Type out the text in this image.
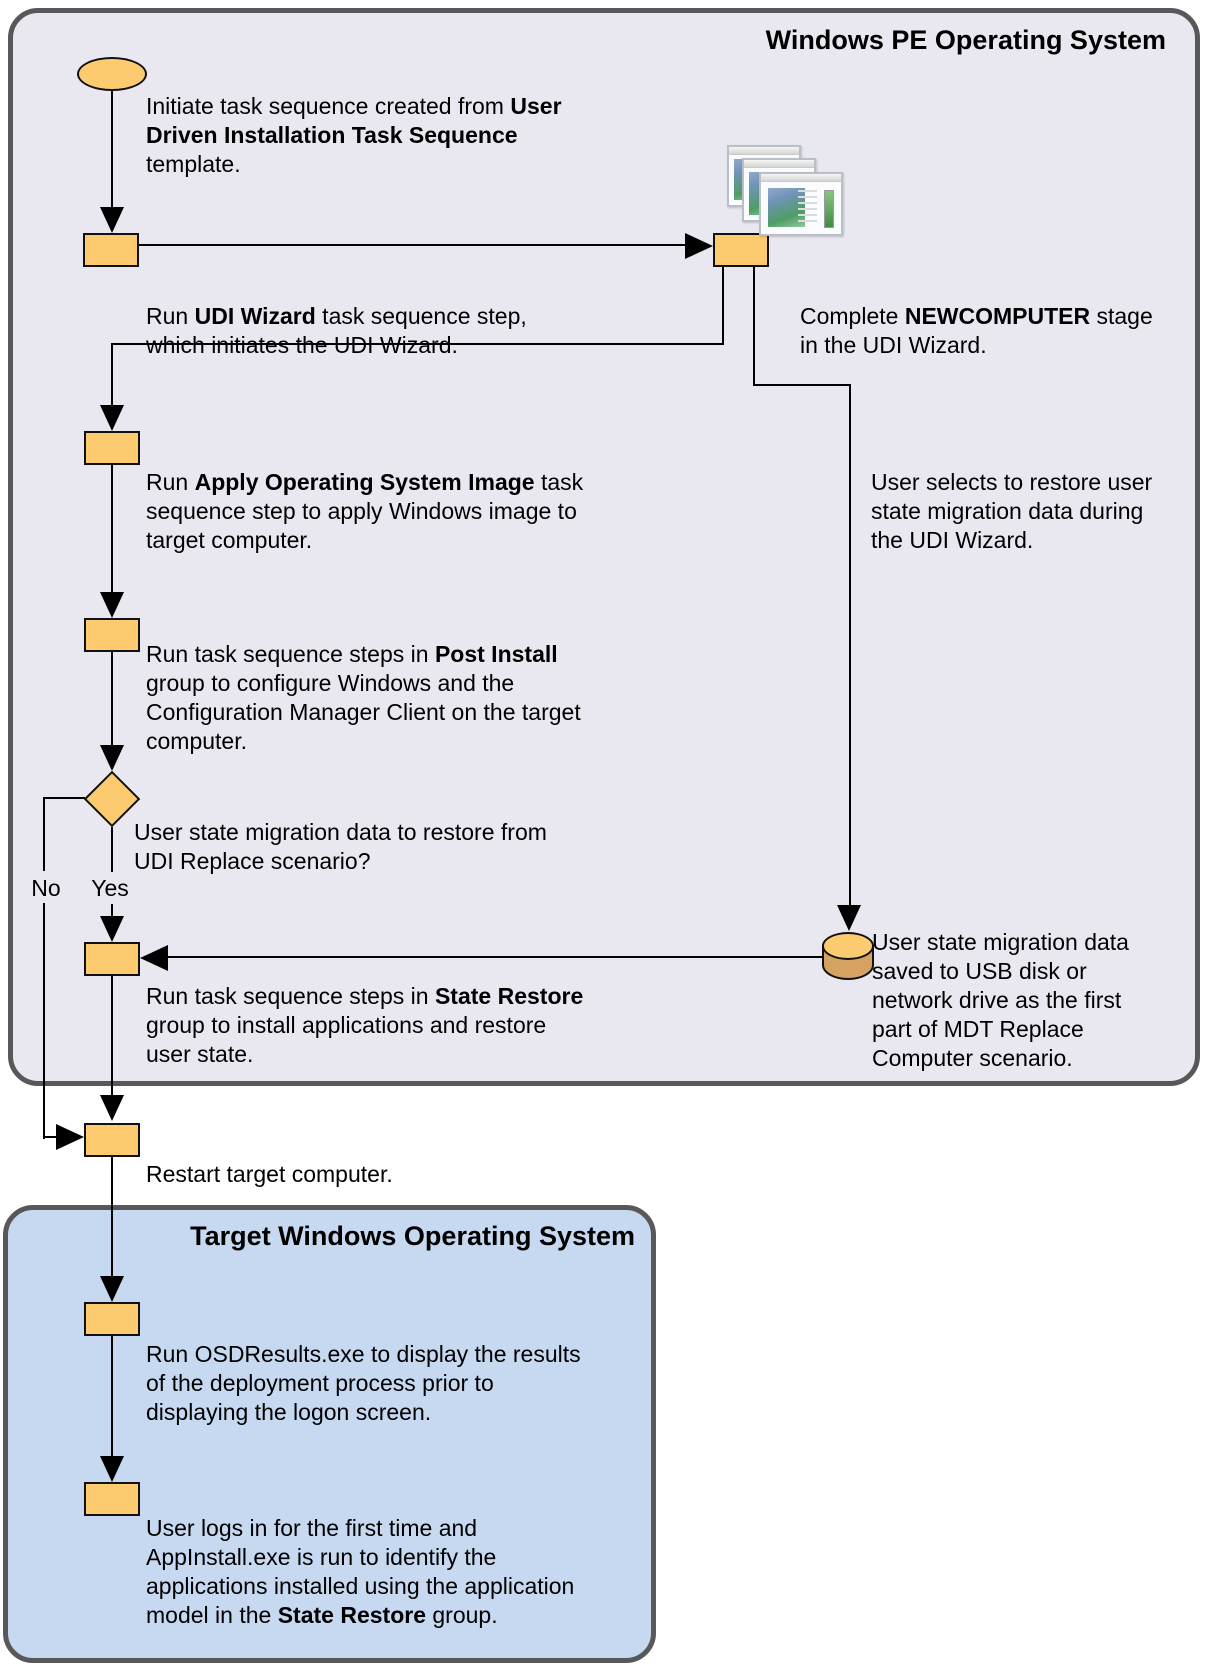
Windows PE Operating System
Target Windows Operating System
Initiate task sequence created from User
Driven Installation Task Sequence
template.
Run UDI Wizard task sequence step,
which initiates the UDI Wizard.
Complete NEWCOMPUTER stage
in the UDI Wizard.
Run Apply Operating System Image task
sequence step to apply Windows image to
target computer.
User selects to restore user
state migration data during
the UDI Wizard.
Run task sequence steps in Post Install
group to configure Windows and the
Configuration Manager Client on the target
computer.
User state migration data to restore from
UDI Replace scenario?
No	Yes
Run task sequence steps in State Restore
group to install applications and restore
user state.
User state migration data
saved to USB disk or
network drive as the first
part of MDT Replace
Computer scenario.
Restart target computer.
Run OSDResults.exe to display the results
of the deployment process prior to
displaying the logon screen.
User logs in for the first time and
AppInstall.exe is run to identify the
applications installed using the application
model in the State Restore group.
